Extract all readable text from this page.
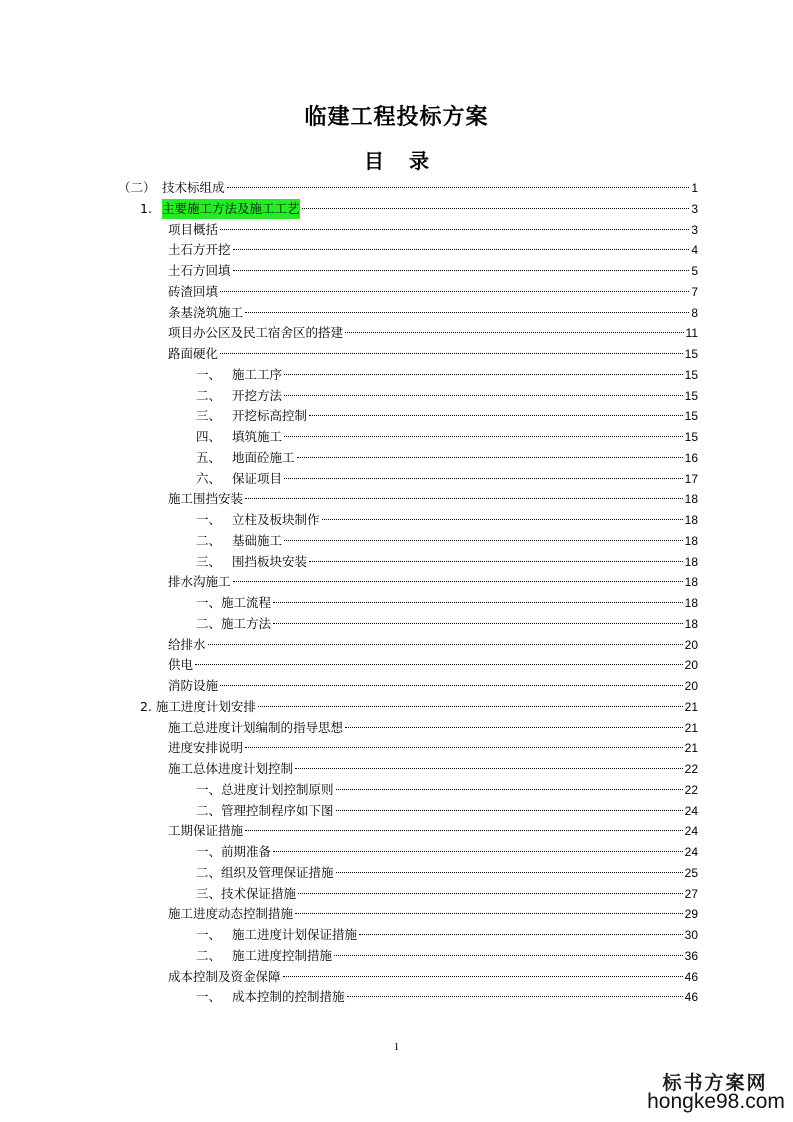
临建工程投标方案
目 录
（二） 技术标组成	1
1. 主要施工方法及施工工艺	3
项目概括	3
土石方开挖	4
土石方回填	5
砖渣回填	7
条基浇筑施工	8
项目办公区及民工宿舍区的搭建	11
路面硬化	15
一、 施工工序	15
二、 开挖方法	15
三、 开挖标高控制	15
四、 填筑施工	15
五、 地面砼施工	16
六、 保证项目	17
施工围挡安装	18
一、 立柱及板块制作	18
二、 基础施工	18
三、 围挡板块安装	18
排水沟施工	18
一、施工流程	18
二、施工方法	18
给排水	20
供电	20
消防设施	20
2. 施工进度计划安排	21
施工总进度计划编制的指导思想	21
进度安排说明	21
施工总体进度计划控制	22
一、总进度计划控制原则	22
二、管理控制程序如下图	24
工期保证措施	24
一、前期准备	24
二、组织及管理保证措施	25
三、技术保证措施	27
施工进度动态控制措施	29
一、 施工进度计划保证措施	30
二、 施工进度控制措施	36
成本控制及资金保障	46
一、 成本控制的控制措施	46
1
标书方案网
hongke98.com
